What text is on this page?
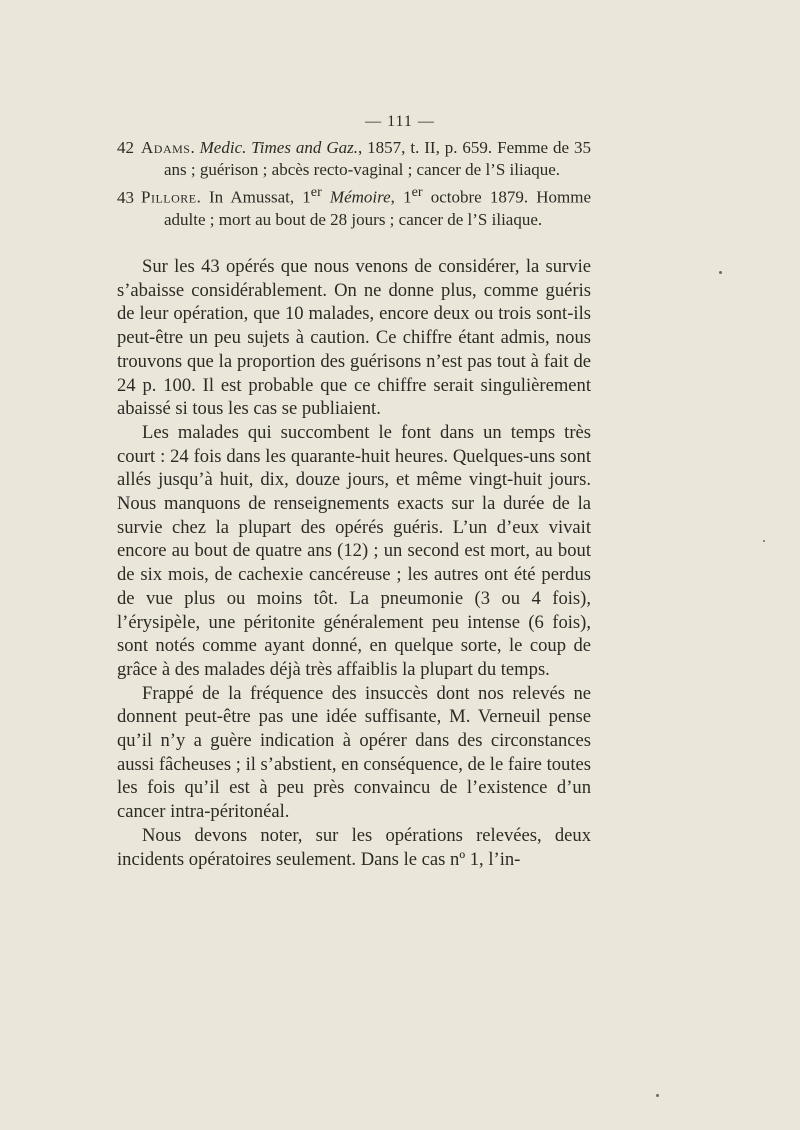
— 111 —
42 Adams. Medic. Times and Gaz., 1857, t. II, p. 659. Femme de 35 ans ; guérison ; abcès recto-vaginal ; cancer de l’S iliaque.
43 Pillore. In Amussat, 1er Mémoire, 1er octobre 1879. Homme adulte ; mort au bout de 28 jours ; cancer de l’S iliaque.

Sur les 43 opérés que nous venons de considérer, la survie s’abaisse considérablement. On ne donne plus, comme guéris de leur opération, que 10 malades, encore deux ou trois sont-ils peut-être un peu sujets à caution. Ce chiffre étant admis, nous trouvons que la proportion des guérisons n’est pas tout à fait de 24 p. 100. Il est probable que ce chiffre serait singulièrement abaissé si tous les cas se publiaient.

Les malades qui succombent le font dans un temps très court : 24 fois dans les quarante-huit heures. Quelques-uns sont allés jusqu’à huit, dix, douze jours, et même vingt-huit jours. Nous manquons de renseignements exacts sur la durée de la survie chez la plupart des opérés guéris. L’un d’eux vivait encore au bout de quatre ans (12) ; un second est mort, au bout de six mois, de cachexie cancéreuse ; les autres ont été perdus de vue plus ou moins tôt. La pneumonie (3 ou 4 fois), l’érysipèle, une péritonite généralement peu intense (6 fois), sont notés comme ayant donné, en quelque sorte, le coup de grâce à des malades déjà très affaiblis la plupart du temps.

Frappé de la fréquence des insuccès dont nos relevés ne donnent peut-être pas une idée suffisante, M. Verneuil pense qu’il n’y a guère indication à opérer dans des circonstances aussi fâcheuses ; il s’abstient, en conséquence, de le faire toutes les fois qu’il est à peu près convaincu de l’existence d’un cancer intra-péritonéal.

Nous devons noter, sur les opérations relevées, deux incidents opératoires seulement. Dans le cas nº 1, l’in-
